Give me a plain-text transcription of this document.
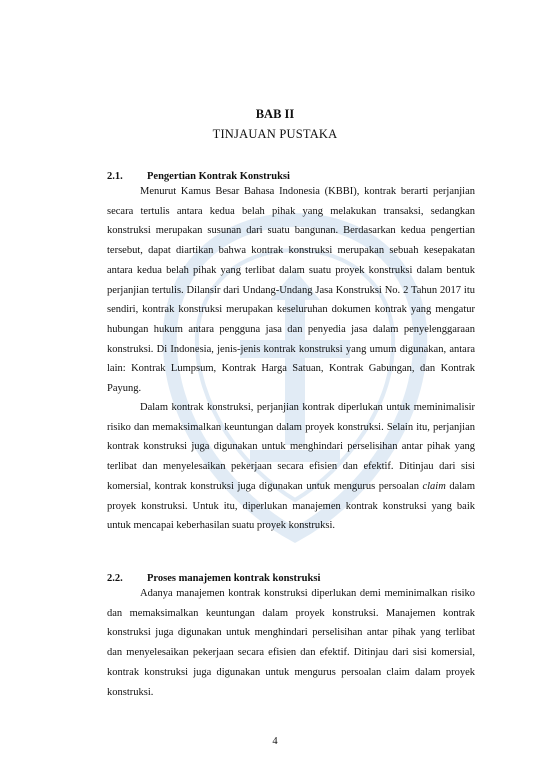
BAB II
TINJAUAN PUSTAKA
2.1. Pengertian Kontrak Konstruksi

Menurut Kamus Besar Bahasa Indonesia (KBBI), kontrak berarti perjanjian secara tertulis antara kedua belah pihak yang melakukan transaksi, sedangkan konstruksi merupakan susunan dari suatu bangunan. Berdasarkan kedua pengertian tersebut, dapat diartikan bahwa kontrak konstruksi merupakan sebuah kesepakatan antara kedua belah pihak yang terlibat dalam suatu proyek konstruksi dalam bentuk perjanjian tertulis. Dilansir dari Undang-Undang Jasa Konstruksi No. 2 Tahun 2017 itu sendiri, kontrak konstruksi merupakan keseluruhan dokumen kontrak yang mengatur hubungan hukum antara pengguna jasa dan penyedia jasa dalam penyelenggaraan konstruksi. Di Indonesia, jenis-jenis kontrak konstruksi yang umum digunakan, antara lain: Kontrak Lumpsum, Kontrak Harga Satuan, Kontrak Gabungan, dan Kontrak Payung.

Dalam kontrak konstruksi, perjanjian kontrak diperlukan untuk meminimalisir risiko dan memaksimalkan keuntungan dalam proyek konstruksi. Selain itu, perjanjian kontrak konstruksi juga digunakan untuk menghindari perselisihan antar pihak yang terlibat dan menyelesaikan pekerjaan secara efisien dan efektif. Ditinjau dari sisi komersial, kontrak konstruksi juga digunakan untuk mengurus persoalan claim dalam proyek konstruksi. Untuk itu, diperlukan manajemen kontrak konstruksi yang baik untuk mencapai keberhasilan suatu proyek konstruksi.

2.2. Proses manajemen kontrak konstruksi

Adanya manajemen kontrak konstruksi diperlukan demi meminimalkan risiko dan memaksimalkan keuntungan dalam proyek konstruksi. Manajemen kontrak konstruksi juga digunakan untuk menghindari perselisihan antar pihak yang terlibat dan menyelesaikan pekerjaan secara efisien dan efektif. Ditinjau dari sisi komersial, kontrak konstruksi juga digunakan untuk mengurus persoalan claim dalam proyek konstruksi.

4
